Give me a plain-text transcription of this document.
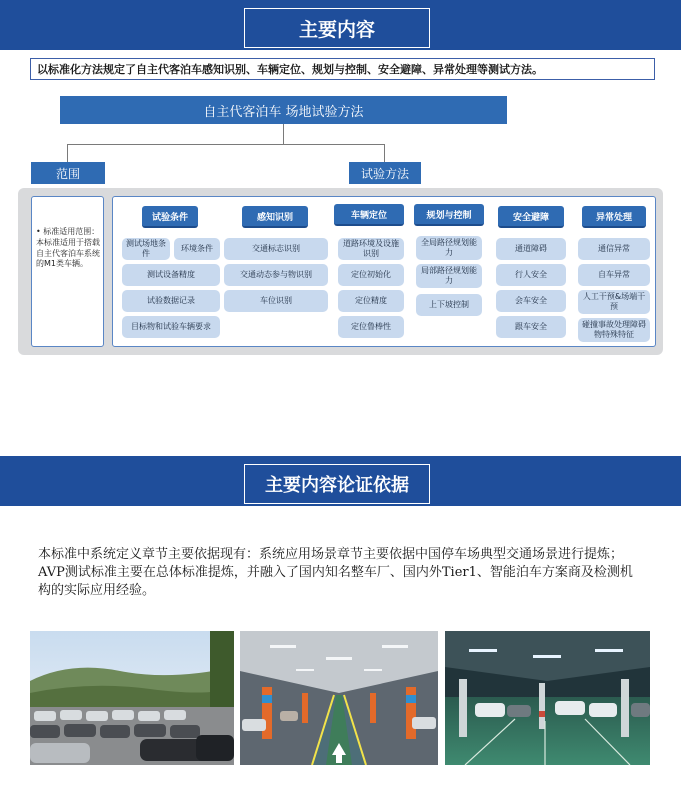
主要内容
以标准化方法规定了自主代客泊车感知识别、车辆定位、规划与控制、安全避障、异常处理等测试方法。
自主代客泊车 场地试验方法
范围	试验方法
• 标准适用范围：本标准适用于搭载自主代客泊车系统的M1类车辆。
试验条件
测试场地条件
环境条件
测试设备精度
试验数据记录
目标物和试验车辆要求
感知识别
交通标志识别
交通动态参与物识别
车位识别
车辆定位
道路环境及设施识别
定位初始化
定位精度
定位鲁棒性
规划与控制
全局路径规划能力
局部路径规划能力
上下坡控制
安全避障
通道障碍
行人安全
会车安全
跟车安全
异常处理
通信异常
自车异常
人工干预&场端干预
碰撞事故处理障碍物特殊特征
主要内容论证依据
本标准中系统定义章节主要依据现有：系统应用场景章节主要依据中国停车场典型交通场景进行提炼；AVP测试标准主要在总体标准提炼，并融入了国内知名整车厂、国内外Tier1、智能泊车方案商及检测机构的实际应用经验。
